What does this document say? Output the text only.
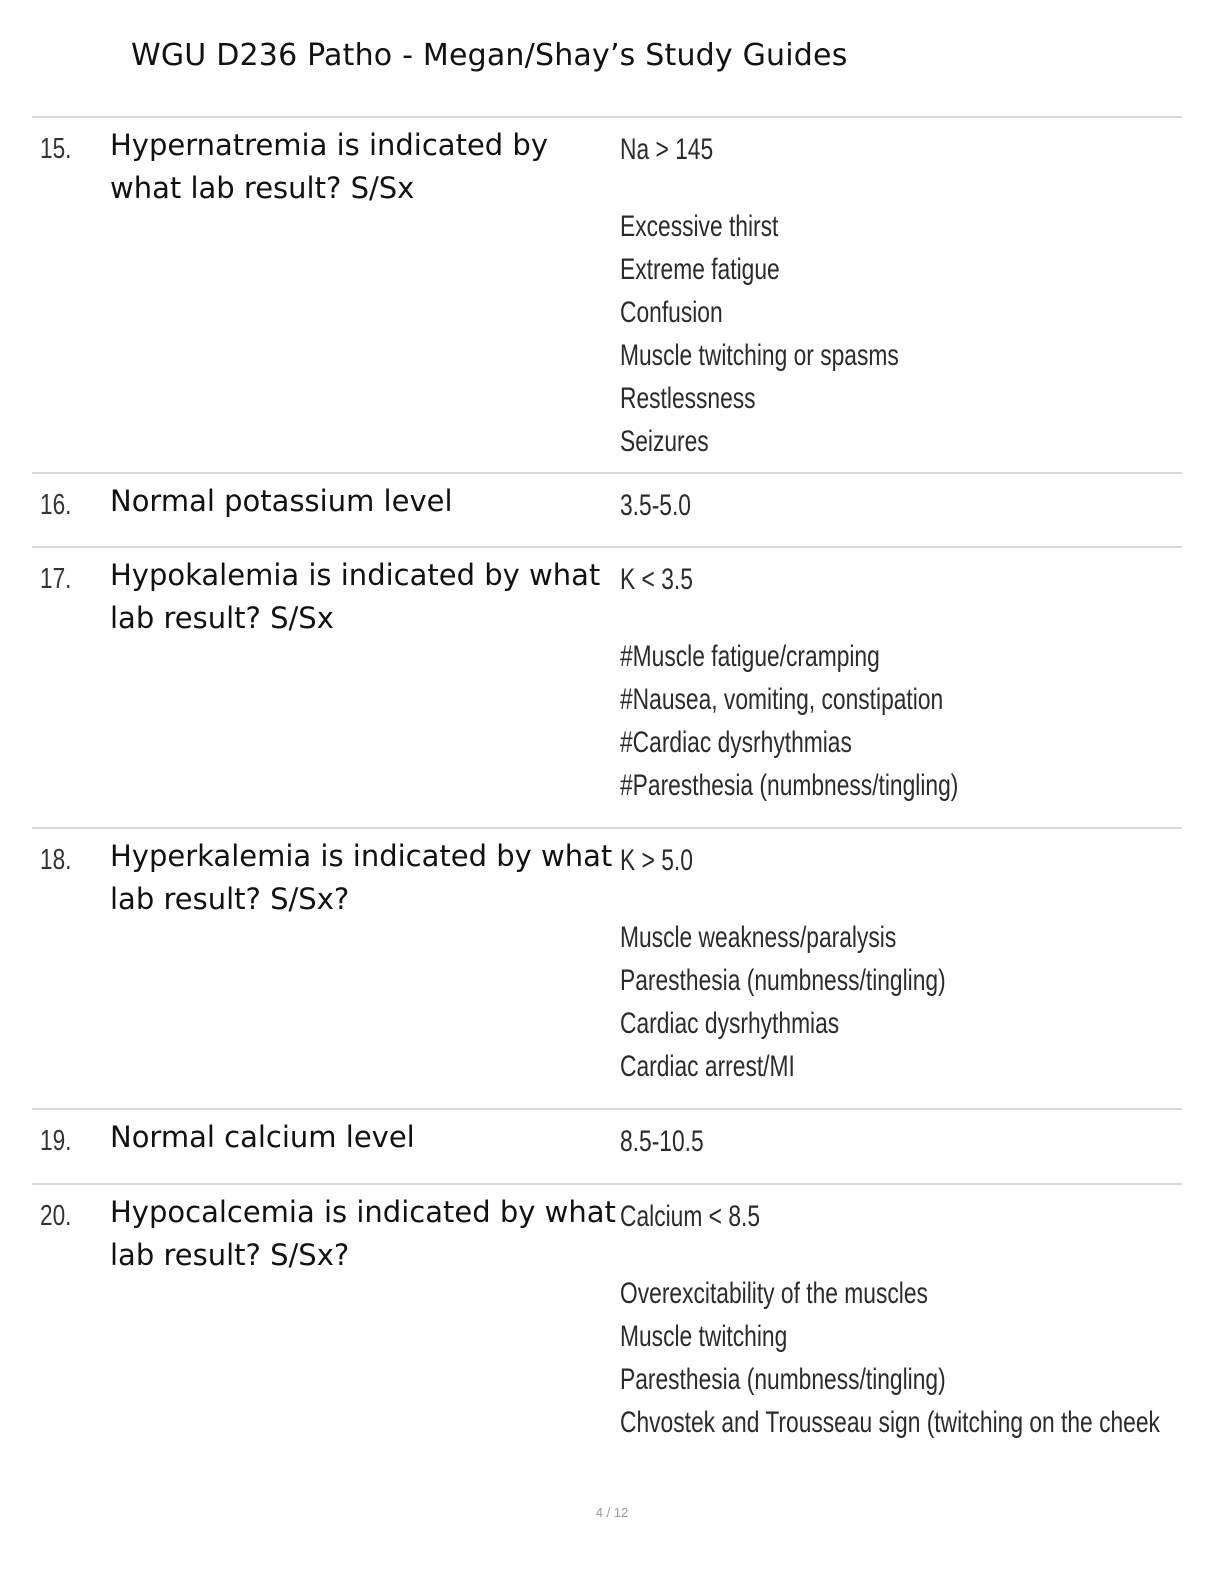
WGU D236 Patho - Megan/Shay’s Study Guides
15. Hypernatremia is indicated by what lab result? S/Sx
Na > 145
Excessive thirst
Extreme fatigue
Confusion
Muscle twitching or spasms
Restlessness
Seizures
16. Normal potassium level	3.5-5.0
17. Hypokalemia is indicated by what lab result? S/Sx
K < 3.5
#Muscle fatigue/cramping
#Nausea, vomiting, constipation
#Cardiac dysrhythmias
#Paresthesia (numbness/tingling)
18. Hyperkalemia is indicated by what lab result? S/Sx?
K > 5.0
Muscle weakness/paralysis
Paresthesia (numbness/tingling)
Cardiac dysrhythmias
Cardiac arrest/MI
19. Normal calcium level	8.5-10.5
20. Hypocalcemia is indicated by what lab result? S/Sx?
Calcium < 8.5
Overexcitability of the muscles
Muscle twitching
Paresthesia (numbness/tingling)
Chvostek and Trousseau sign (twitching on the cheek
4 / 12
